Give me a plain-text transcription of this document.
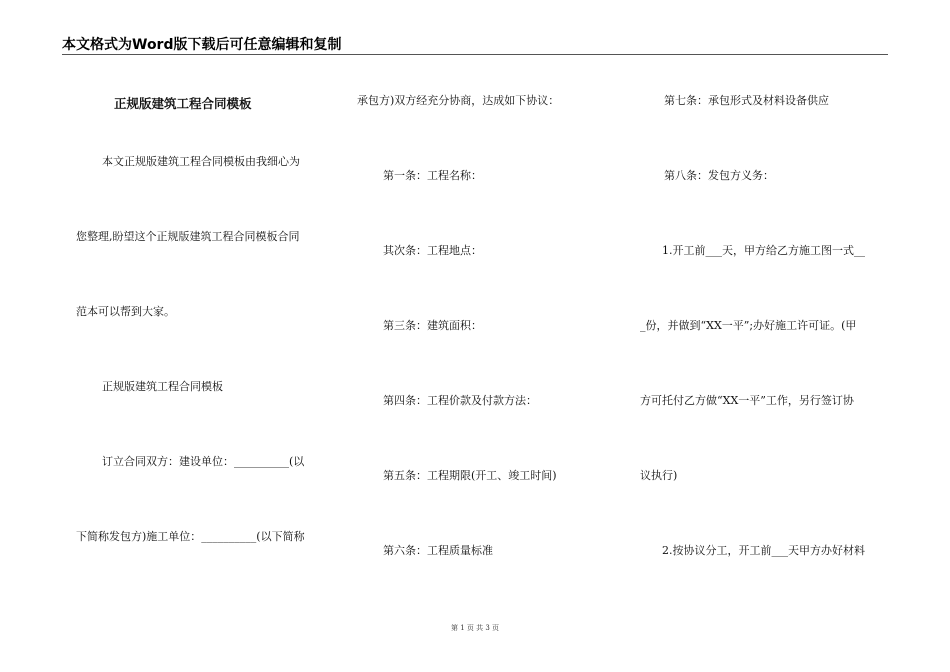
本文格式为Word版下载后可任意编辑和复制
正规版建筑工程合同模板
本文正规版建筑工程合同模板由我细心为
您整理,盼望这个正规版建筑工程合同模板合同
范本可以帮到大家。
正规版建筑工程合同模板
订立合同双方：建设单位：__________(以
下简称发包方)施工单位：__________(以下简称
承包方)双方经充分协商，达成如下协议：
第一条：工程名称：
其次条：工程地点：
第三条：建筑面积：
第四条：工程价款及付款方法：
第五条：工程期限(开工、竣工时间)
第六条：工程质量标准
第七条：承包形式及材料设备供应
第八条：发包方义务：
1.开工前___天，甲方给乙方施工图一式__
_份，并做到“XX一平”;办好施工许可证。(甲
方可托付乙方做“XX一平”工作，另行签订协
议执行)
2.按协议分工，开工前___天甲方办好材料
第 1 页 共 3 页
